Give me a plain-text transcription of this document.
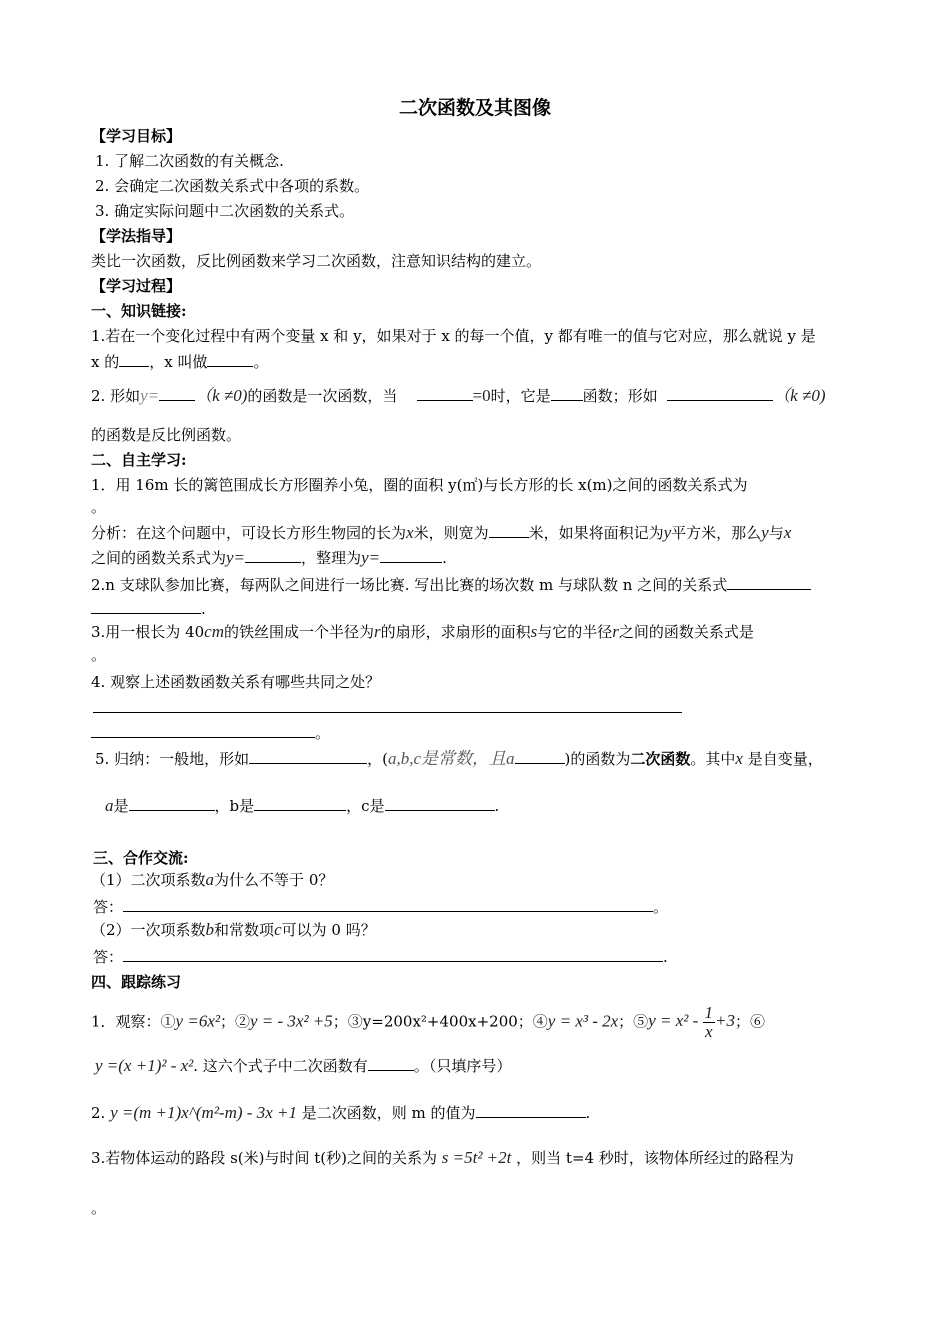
二次函数及其图像
【学习目标】
1. 了解二次函数的有关概念.
2. 会确定二次函数关系式中各项的系数。
3. 确定实际问题中二次函数的关系式。
【学法指导】
类比一次函数，反比例函数来学习二次函数，注意知识结构的建立。
【学习过程】
一、知识链接:
1.若在一个变化过程中有两个变量 x 和 y，如果对于 x 的每一个值，y 都有唯一的值与它对应，那么就说 y 是
x 的 ，x 叫做	。
2. 形如y= （k ≠0)的函数是一次函数，当	=0时，它是 函数；形如	（k ≠0)
的函数是反比例函数。
二、自主学习:
1．用 16m 长的篱笆围成长方形圈养小兔，圈的面积 y(㎡)与长方形的长 x(m)之间的函数关系式为
。
分析：在这个问题中，可设长方形生物园的长为x米，则宽为	米，如果将面积记为y平方米，那么y与x
之间的函数关系式为y=	，整理为y=	.
2.n 支球队参加比赛，每两队之间进行一场比赛. 写出比赛的场次数 m 与球队数 n 之间的关系式
.
3.用一根长为 40cm的铁丝围成一个半径为r的扇形，求扇形的面积s与它的半径r之间的函数关系式是
。
4. 观察上述函数函数关系有哪些共同之处？
。
5. 归纳：一般地，形如	，(a,b,c是常数，且a	)的函数为二次函数。其中x 是自变量，
a是	，b是	，c是	.
三、合作交流:
（1）二次项系数a为什么不等于 0？
答：	。
（2）一次项系数b和常数项c可以为 0 吗？
答：	.
四、跟踪练习
1．观察：①y =6x²；②y = - 3x² +5；③y=200x²+400x+200；④y = x³ - 2x；⑤y = $x^2 - \frac{1}{x} +3$；⑥
y =(x +1)² - x². 这六个式子中二次函数有	。（只填序号）
2. y =(m +1)x^(m²-m) - 3x +1 是二次函数，则 m 的值为	.
3.若物体运动的路段 s(米)与时间 t(秒)之间的关系为 s =5t² +2t ，则当 t=4 秒时，该物体所经过的路程为
。
